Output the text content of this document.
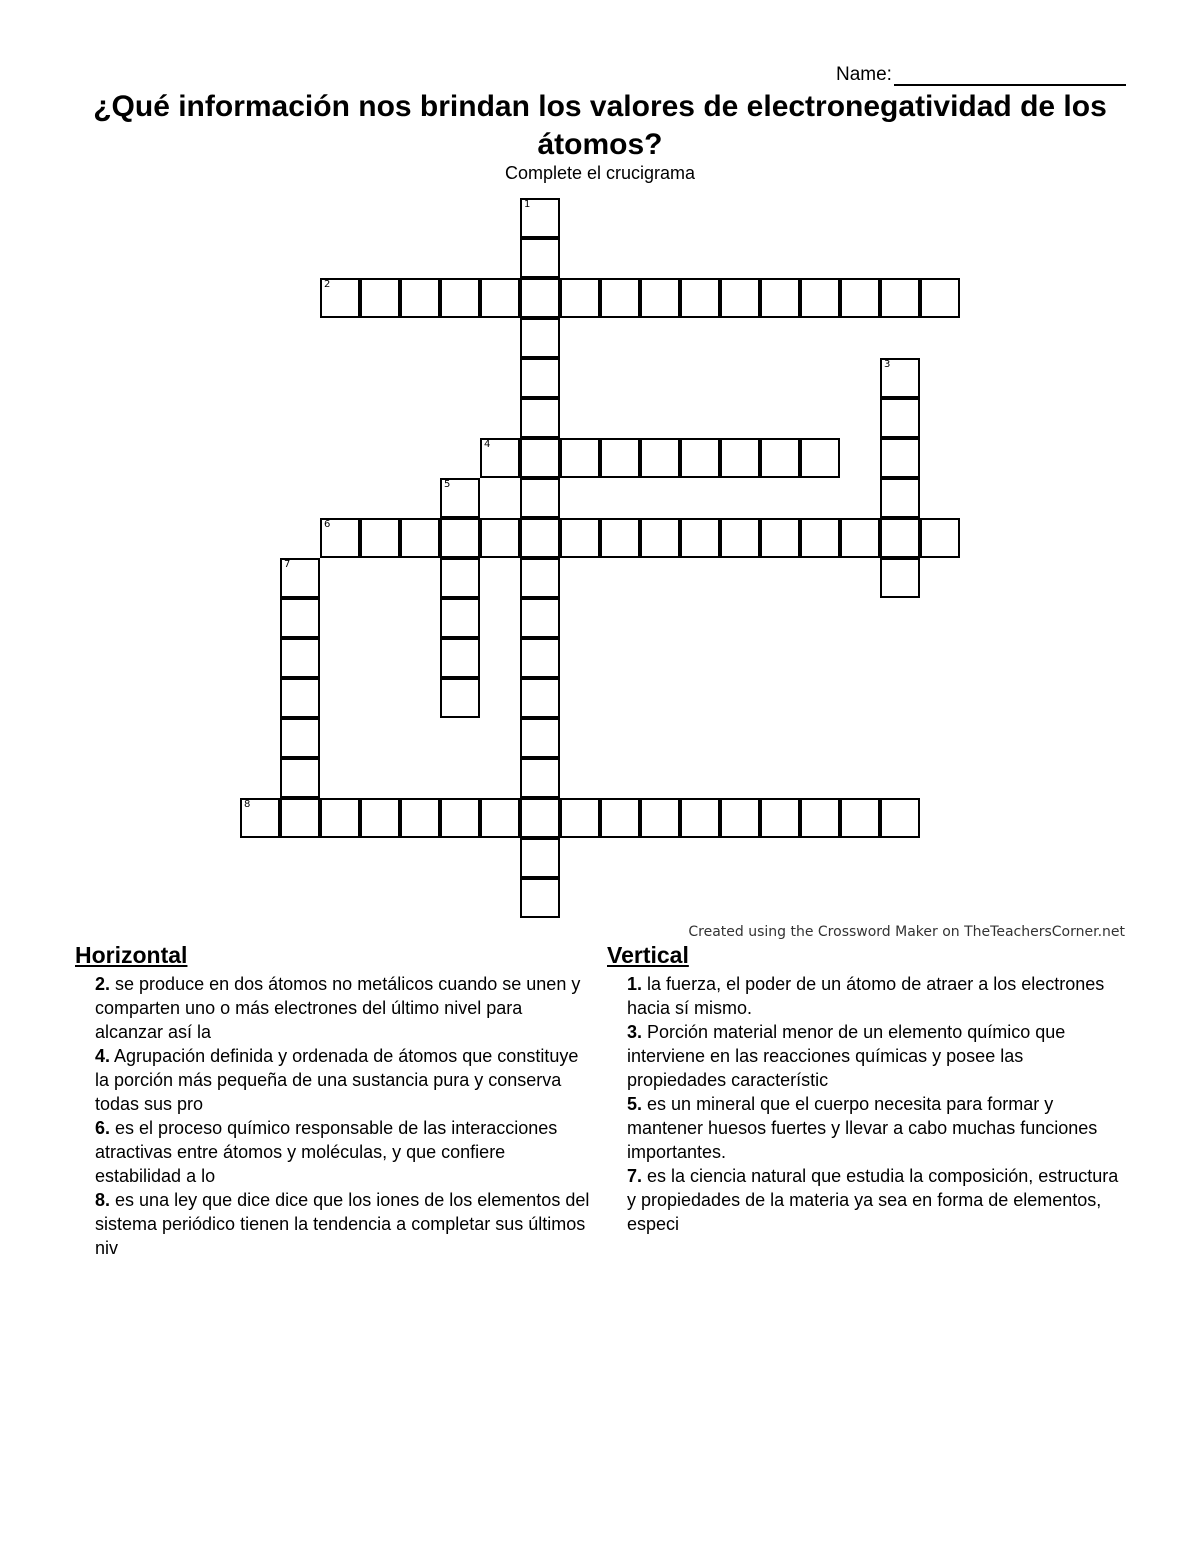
Name:
¿Qué información nos brindan los valores de electronegatividad de los átomos?
Complete el crucigrama
1
2
3
4
5
6
7
8
Created using the Crossword Maker on TheTeachersCorner.net
Horizontal
2. se produce en dos átomos no metálicos cuando se unen y comparten uno o más electrones del último nivel para alcanzar así la
4. Agrupación definida y ordenada de átomos que constituye la porción más pequeña de una sustancia pura y conserva todas sus pro
6. es el proceso químico responsable de las interacciones atractivas entre átomos y moléculas, y que confiere estabilidad a lo
8. es una ley que dice dice que los iones de los elementos del sistema periódico tienen la tendencia a completar sus últimos niv
Vertical
1. la fuerza, el poder de un átomo de atraer a los electrones hacia sí mismo.
3. Porción material menor de un elemento químico que interviene en las reacciones químicas y posee las propiedades característic
5. es un mineral que el cuerpo necesita para formar y mantener huesos fuertes y llevar a cabo muchas funciones importantes.
7. es la ciencia natural que estudia la composición, estructura y propiedades de la materia ya sea en forma de elementos, especi
